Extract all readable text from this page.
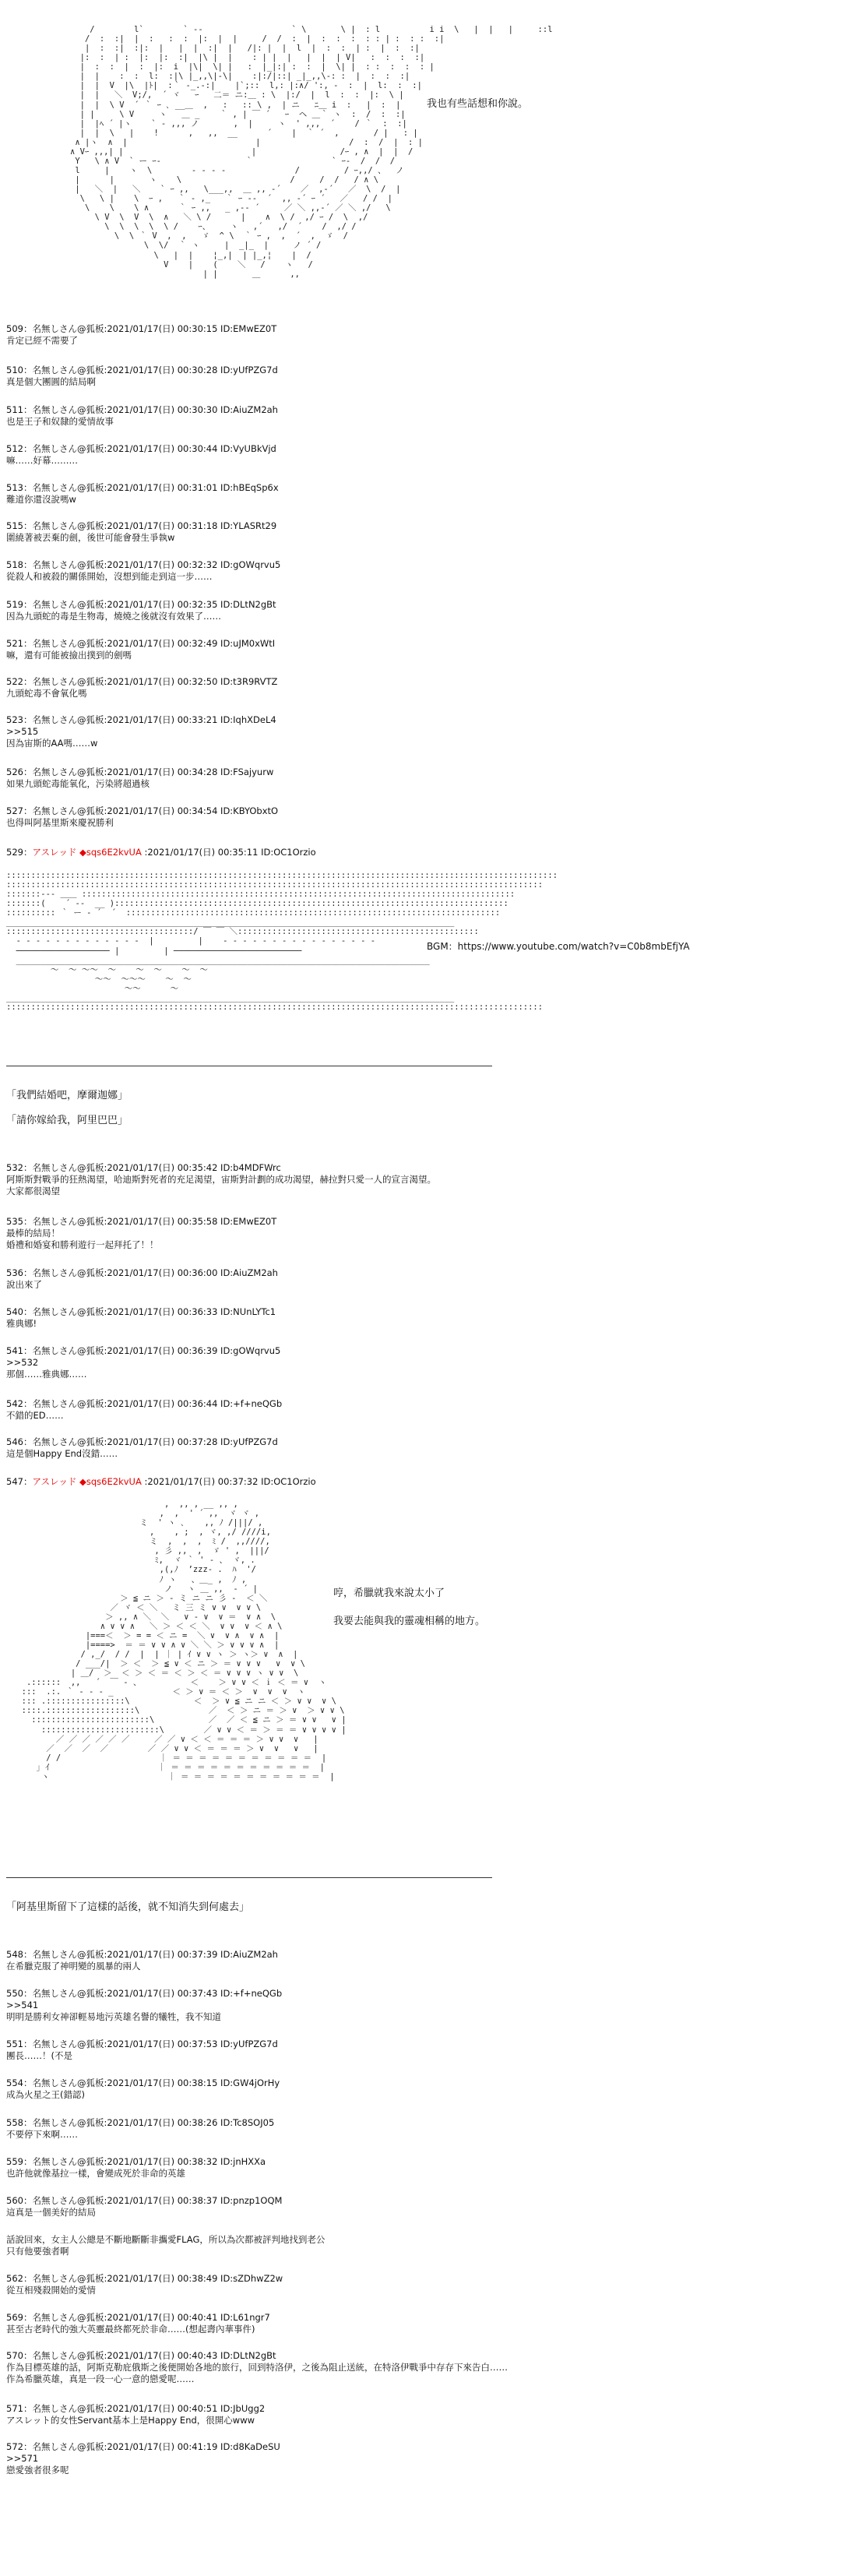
/        l`        ` --                  ` \       \ |  : l          i i  \   |  |   |     ::l
/  :  :|  |  :   :  :  |:  |  |     /  /  :  |  :  :  :  : : | :  : :  :|
|  :  :|  :|:  |   |  |  :|  |   /|: |  |  l  |  :  :  | :  |  :  :|
|:  :  | :  |:  |:  :|  |\ |  |    : | |  |   |  |  | V|   :  :  :  :|
|  :  :  |  :  |:  i  |\|  \| |   :  |_|:| :  :  |  \| |  : :  :  :  : |
|  |    :  :  l:  :|\ |_,,\|-\|    :|:/|::| _|_,,\-: :  |  :  :  :|
|  |  V  |\  |ﾄ|  :｀ -_.-:|    |`;::  l,: |:∧/ ':, -  :  |  l:  :  :|
|  |   ＼  V;/,  ´ ヾ   ｰ   二＝ ニ:＿ : \  |:/  |  l  :  :  |:  \ |
|  |  \ V  ´ ｀ ｰ ､ __＿  ,   :   :: \ ,  | ニ   ﾆ＿ i  :   |  :  |
| |     \ V     ヽ   ＿ _    ｀ , | ￣ ´   ｰ  ヘ ＿｀ ヽ  :  /  :  :|
|  |ﾍ ´ |ヽ    ` ‐ ,,, ノ       ,  |     ヽ  ' ,,,  ´    / ｀  :  :|
|  |  \   |    !      ,   ,,  __      ´    |  ｀ ´  ,       / |   : |
∧ |ヽ  ∧  |                          |                  /  :  /  |  : |
∧ Vｰ ,,,| |                          |                 /ｰ , ∧  |  |  /
Y   \ ∧ V  ` ー ｰ-                 ｀                ` ｰ-  /  /  /
l     |    ヽ  \        - ‐ ‐ -              /         / ｰ,,/ 、  ノ
|      |       ヽ    \                      /     /  /   / ∧ \
|   ＼  |   ＼    ` ｰ ,,   \___,,  ＿ ,, ‐´    ／  ,-´   ／  \  /  |
\   \ |    \  ｰ ,   ｀ ‐ ,_   ｀ ｰ -‐  ´  ,, ‐´ ｰ ´   ／   / /  |
\    \    \ ∧      ｀ ｰ ,,   _ ,-‐ ´     ／ ＼ ,,-´ ／ ＼ ,/   \
\ V  \  V  \  ∧   ＼ \ /      |    ∧  \ /  ,/ ｰ /  \  ,/
\  \  \  \  \ /    ｰ、    ヽ   ,´   ,/  ´    /  ,/ /
\  \ ｀ V  ,  ,   ゞ  ^ \  ｀ ｰ ,  ,  ´  ,  ゞ  /
\  \/  ｀ ヽ     |  _|_  |     ノ ´ /
\   |  |    ¦_,|  | |_,¦    |  /
V    |    (    ＼   /    ヽ   /
| |       ＿      ,,
我也有些話想和你說。
509：名無しさん@狐板:2021/01/17(日) 00:30:15 ID:EMwEZ0T
肯定已經不需要了
510：名無しさん@狐板:2021/01/17(日) 00:30:28 ID:yUfPZG7d
真是個大團圓的結局啊
511：名無しさん@狐板:2021/01/17(日) 00:30:30 ID:AiuZM2ah
也是王子和奴隸的愛情故事
512：名無しさん@狐板:2021/01/17(日) 00:30:44 ID:VyUBkVjd
嘛……好幕………
513：名無しさん@狐板:2021/01/17(日) 00:31:01 ID:hBEqSp6x
難道你還沒說嗎w
515：名無しさん@狐板:2021/01/17(日) 00:31:18 ID:YLASRt29
圍繞著被丟棄的劍，後世可能會發生爭執w
518：名無しさん@狐板:2021/01/17(日) 00:32:32 ID:gOWqrvu5
從殺人和被殺的關係開始，沒想到能走到這一步……
519：名無しさん@狐板:2021/01/17(日) 00:32:35 ID:DLtN2gBt
因為九頭蛇的毒是生物毒，燒燒之後就沒有效果了……
521：名無しさん@狐板:2021/01/17(日) 00:32:49 ID:uJM0xWtI
嘛，還有可能被撿出撲到的劍嗎
522：名無しさん@狐板:2021/01/17(日) 00:32:50 ID:t3R9RVTZ
九頭蛇毒不會氧化嗎
523：名無しさん@狐板:2021/01/17(日) 00:33:21 ID:IqhXDeL4
>>515
因為宙斯的AA嗎……w
526：名無しさん@狐板:2021/01/17(日) 00:34:28 ID:FSajyurw
如果九頭蛇毒能氧化，污染將超過核
527：名無しさん@狐板:2021/01/17(日) 00:34:54 ID:KBYObxtO
也得叫阿基里斯來慶祝勝利
529：アスレッド ◆sqs6E2kvUA :2021/01/17(日) 00:35:11 ID:OC1Orzio
::::::::::::::::::::::::::::::::::::::::::::::::::::::::::::::::::::::::::::::::::::::::::::::::::::::::::::::::
:::::::::::::::::::::::::::::::::::::::::::::::::::::::::::::::::::::::::::::::::::::::::::::::::::::::::::::
:::::::‐-- ＿＿ ::::::::::::::::::::::::::::::::::::::::::::::::::::::::::::::::::::::::::::::::::::::::
:::::::(    ´ ‐-  __ )::::::::::::::::::::::::::::::::::::::::::::::::::::::::::::::::::::::::::::::::
:::::::::: ｀ ー ‐ ´  ´  ::::::::::::::::::::::::::::::::::::::::::::::::::::::::::::::::::::::::::::
___________________________________________________________________________________________
::::::::::::::::::::::::::::::::::::::/ ￣ ￣ ＼:::::::::::::::::::::::::::::::::::::::::::::::::
‐ ‐ ‐ ‐ ‐ ‐ ‐ ‐ ‐ ‐ ‐ ‐ ‐  |         |    ‐ ‐ ‐ ‐ ‐ ‐ ‐ ‐ ‐ ‐ ‐ ‐ ‐ ‐ ‐ ‐
─────────────────── |         | ──────────────────────────
____________________________________________________________________________________
～  ～ ～～  ～    ～  ～    ～  ～
～～  ～～～    ～  ～
～～      ～
___________________________________________________________________________________________
:::::::::::::::::::::::::::::::::::::::::::::::::::::::::::::::::::::::::::::::::::::::::::::::::::::::::::::
BGM：https://www.youtube.com/watch?v=C0b8mbEfjYA
「我們結婚吧，摩爾迦娜」
「請你嫁給我，阿里巴巴」
532：名無しさん@狐板:2021/01/17(日) 00:35:42 ID:b4MDFWrc
阿斯斯對戰爭的狂熱渴望，哈迪斯對死者的充足渴望，宙斯對計劃的成功渴望，赫拉對只愛一人的宣言渴望。
大家都很渴望
535：名無しさん@狐板:2021/01/17(日) 00:35:58 ID:EMwEZ0T
最棒的結局！
婚禮和婚宴和勝利遊行一起拜托了！！
536：名無しさん@狐板:2021/01/17(日) 00:36:00 ID:AiuZM2ah
說出來了
540：名無しさん@狐板:2021/01/17(日) 00:36:33 ID:NUnLYTc1
雅典娜!
541：名無しさん@狐板:2021/01/17(日) 00:36:39 ID:gOWqrvu5
>>532
那個……雅典娜……
542：名無しさん@狐板:2021/01/17(日) 00:36:44 ID:+f+neQGb
不錯的ED……
546：名無しさん@狐板:2021/01/17(日) 00:37:28 ID:yUfPZG7d
這是個Happy End沒錯……
547：アスレッド ◆sqs6E2kvUA :2021/01/17(日) 00:37:32 ID:OC1Orzio
,  ,, , __ ,, ,
,  ,  ' ´ ,,  ヾ ヾ ,
ミ  ' ヽ ､    ,, ﾉ /|||/ ,
,    , ;  , ヾ, ,/ ////i,
ミ  ,  ,  ,  ﾐ /  ,,////,
, 彡 ,,  ,  ゞ ' ,  |||/
ﾐ,  ヾ ｀ ' ‐ 、 ヾ, .
,(,ﾉ  ’zzz‐ .  ﾊ  '/
ﾉ ヽ   、＿_ ,  ﾉ ,
ノ   ヽ ＿ ,,  ‐ ´ |
＞ ≦ ニ ＞ - ミ ニ ニ 彡 ‐  ＜ ＼
／ ヾ ＜ ＼   ミ 三 ミ ∨ ∨  ∨ ∨ \
＞ ,, ∧ ＼  ＼   ∨ ‐ ∨  ∨ ＝  ∨ ∧  \
∧ ∨ ∨ ∧   ＼ ＞ ＜ ＜ ＼  ∨ ∨  ∨ ＜ ∧ \
|===＜  ＞ = = ＜ ニ =  ＼ ∨  ∨ ∧  ∨ ∧  |
|====>  ＝ ＝ ∨ ∨ ∧ ∨ ＼ ＼ ＞ ∨ ∨ ∨ ∧  |
/ ,_/  / /  |  | ｜ | ｲ ∨ ∨ ヽ ＞ ヽ＞ ∨  ∧  |
/ ___/|  ＞ ＜  ＞ ≦ ∨ ＜ ニ ＞ ＝ ∨ ∨ ∨   ∨  ∨ \
| ＿/  ＞  ＜ ＞ ＜ ＝ ＜ ＞ ＜ ＝ ∨ ∨ ∨ ヽ ∨ ∨  \
.::::::  ,,   ´  ￣ ‐ 、          ＜    ＞ ∨ ∨ ＜ ｉ ＜ ＝ ∨  ヽ
:::  .:. ｀ ‐ ‐ ‐ _            ＜ ＞ ∨ ＝ ＜ ＞  ∨  ∨  ∨  ヽ
::: .::::::::::::::::\             ＜  ＞ ∨ ≦ ニ ニ ＜ ＞ ∨ ∨  ∨ \
::::.::::::::::::::::::\              ／  ＜ ＞ ニ ＝ ＞ ∨  ＞ ∨ ∨ \
::::::::::::::::::::::::\           ／  ／ ＜ ≦ ニ ＞ ＝ ∨ ∨   ∨ |
::::::::::::::::::::::::\        ／ ∨ ∨ ＜ ＝ ＞ ＝ ＝ ∨ ∨ ∨ ∨ |
／ ／ ／ ／ ／ ／     ／ ／ ∨ ＜ ＜ ＝ ＝ ＝ ＞ ∨ ∨  ∨   |
／  ／  ／  ／        ／ ／ ∨ ∨ ＜ ＝ ＝ ＝ ＞ ∨  ∨   ∨   |
/ /                    ｜ ＝ ＝ ＝ ＝ ＝ ＝ ＝ ＝ ＝ ＝ ＝  |
｣ ｲ                      ｜ ＝ ＝ ＝ ＝ ＝ ＝ ＝ ＝ ＝ ＝ ＝  |
ヽ                        ｜ ＝ ＝ ＝ ＝ ＝ ＝ ＝ ＝ ＝ ＝ ＝  |
哼，希臘就我來說太小了
我要去能與我的靈魂相稱的地方。
「阿基里斯留下了這樣的話後，就不知消失到何處去」
548：名無しさん@狐板:2021/01/17(日) 00:37:39 ID:AiuZM2ah
在希臘克服了神明變的風暴的兩人
550：名無しさん@狐板:2021/01/17(日) 00:37:43 ID:+f+neQGb
>>541
明明是勝利女神卻輕易地污英雄名譽的犧牲，我不知道
551：名無しさん@狐板:2021/01/17(日) 00:37:53 ID:yUfPZG7d
團長……！(不是
554：名無しさん@狐板:2021/01/17(日) 00:38:15 ID:GW4jOrHy
成為火星之王(錯認)
558：名無しさん@狐板:2021/01/17(日) 00:38:26 ID:Tc8SOJ05
不要停下來啊……
559：名無しさん@狐板:2021/01/17(日) 00:38:32 ID:jnHXXa
也許他就像基拉一樣，會變成死於非命的英雄
560：名無しさん@狐板:2021/01/17(日) 00:38:37 ID:pnzp1OQM
這真是一個美好的結局
話說回來，女主人公總是不斷地斷斷非攜愛FLAG，所以為次都被評判地找到老公
只有他要強者啊
562：名無しさん@狐板:2021/01/17(日) 00:38:49 ID:sZDhwZ2w
從互相殘殺開始的愛情
569：名無しさん@狐板:2021/01/17(日) 00:40:41 ID:L61ngr7
甚至古老時代的強大英靈最終都死於非命……(想起壽內華事件)
570：名無しさん@狐板:2021/01/17(日) 00:40:43 ID:DLtN2gBt
作為目標英雄的話，阿斯克勒庇俄斯之後便開始各地的旅行，回到特洛伊，之後為阻止送統，在特洛伊戰爭中存存下來告白……
作為希臘英雄，真是一段一心一意的戀愛呢……
571：名無しさん@狐板:2021/01/17(日) 00:40:51 ID:JbUgg2
アスレット的女性Servant基本上是Happy End，很開心www
572：名無しさん@狐板:2021/01/17(日) 00:41:19 ID:d8KaDeSU
>>571
戀愛強者很多呢
